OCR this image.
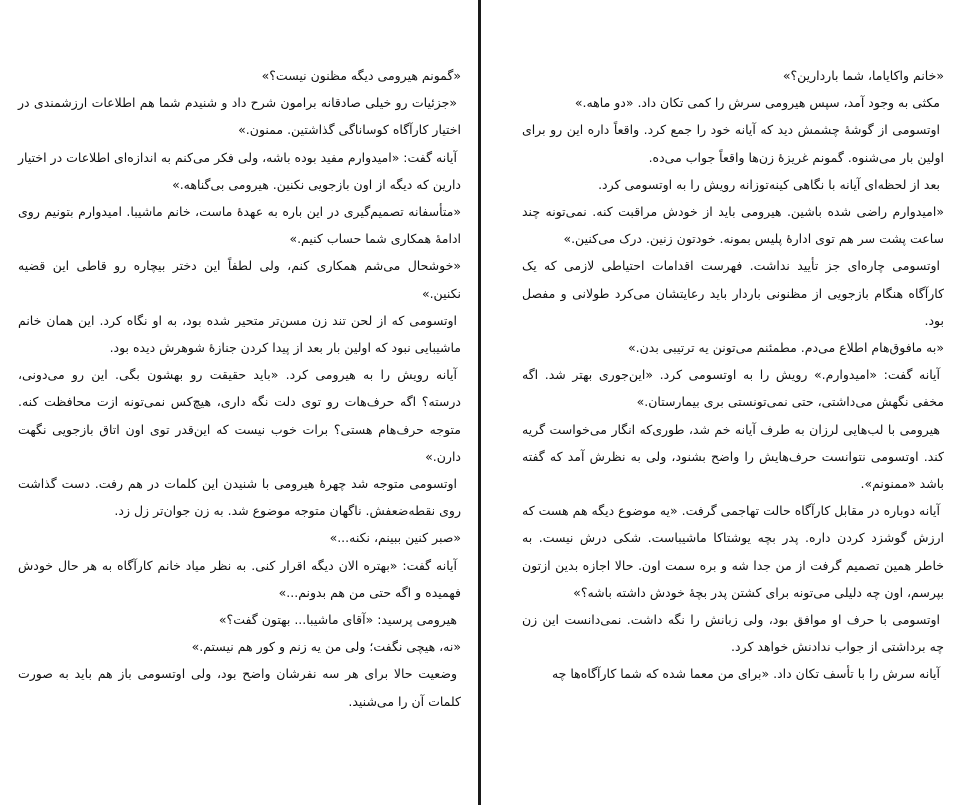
«گمونم هیرومی دیگه مظنون نیست؟»

«جزئیات رو خیلی صادقانه برامون شرح داد و شنیدم شما هم اطلاعات ارزشمندی در اختیار کارآگاه کوساناگی گذاشتین. ممنون.»

آیانه گفت: «امیدوارم مفید بوده باشه، ولی فکر می‌کنم به اندازه‌ای اطلاعات در اختیار دارین که دیگه از اون بازجویی نکنین. هیرومی بی‌گناهه.»

«متأسفانه تصمیم‌گیری در این باره به عهدهٔ ماست، خانم ماشیبا. امیدوارم بتونیم روی ادامهٔ همکاری شما حساب کنیم.»

«خوشحال می‌شم همکاری کنم، ولی لطفاً این دختر بیچاره رو قاطی این قضیه نکنین.»

اوتسومی که از لحن تند زن مسن‌تر متحیر شده بود، به او نگاه کرد. این همان خانم ماشیبایی نبود که اولین بار بعد از پیدا کردن جنازهٔ شوهرش دیده بود.

آیانه رویش را به هیرومی کرد. «باید حقیقت رو بهشون بگی. این رو می‌دونی، درسته؟ اگه حرف‌هات رو توی دلت نگه داری، هیچ‌کس نمی‌تونه ازت محافظت کنه. متوجه حرف‌هام هستی؟ برات خوب نیست که این‌قدر توی اون اتاق بازجویی نگهت دارن.»

اوتسومی متوجه شد چهرهٔ هیرومی با شنیدن این کلمات در هم رفت. دست گذاشت روی نقطه‌ضعفش. ناگهان متوجه موضوع شد. به زن جوان‌تر زل زد.

«صبر کنین ببینم، نکنه...»

آیانه گفت: «بهتره الان دیگه اقرار کنی. به نظر میاد خانم کارآگاه به هر حال خودش فهمیده و اگه حتی من هم بدونم...»

هیرومی پرسید: «آقای ماشیبا... بهتون گفت؟»

«نه، هیچی نگفت؛ ولی من یه زنم و کور هم نیستم.»

وضعیت حالا برای هر سه نفرشان واضح بود، ولی اوتسومی باز هم باید به صورت کلمات آن را می‌شنید.

«خانم واکایاما، شما باردارین؟»

مکثی به وجود آمد، سپس هیرومی سرش را کمی تکان داد. «دو ماهه.»

اوتسومی از گوشهٔ چشمش دید که آیانه خود را جمع کرد. واقعاً داره این رو برای اولین بار می‌شنوه. گمونم غریزهٔ زن‌ها واقعاً جواب می‌ده.

بعد از لحظه‌ای آیانه با نگاهی کینه‌توزانه رویش را به اوتسومی کرد.

«امیدوارم راضی شده باشین. هیرومی باید از خودش مراقبت کنه. نمی‌تونه چند ساعت پشت سر هم توی ادارهٔ پلیس بمونه. خودتون زنین. درک می‌کنین.»

اوتسومی چاره‌ای جز تأیید نداشت. فهرست اقدامات احتیاطی لازمی که یک کارآگاه هنگام بازجویی از مظنونی باردار باید رعایتشان می‌کرد طولانی و مفصل بود.

«به مافوق‌هام اطلاع می‌دم. مطمئنم می‌تونن یه ترتیبی بدن.»

آیانه گفت: «امیدوارم.» رویش را به اوتسومی کرد. «این‌جوری بهتر شد. اگه مخفی نگهش می‌داشتی، حتی نمی‌تونستی بری بیمارستان.»

هیرومی با لب‌هایی لرزان به طرف آیانه خم شد، طوری‌که انگار می‌خواست گریه کند. اوتسومی نتوانست حرف‌هایش را واضح بشنود، ولی به نظرش آمد که گفته باشد «ممنونم».

آیانه دوباره در مقابل کارآگاه حالت تهاجمی گرفت. «یه موضوع دیگه هم هست که ارزش گوشزد کردن داره. پدر بچه یوشتاکا ماشیباست. شکی درش نیست. به خاطر همین تصمیم گرفت از من جدا شه و بره سمت اون. حالا اجازه بدین ازتون بپرسم، اون چه دلیلی می‌تونه برای کشتن پدر بچهٔ خودش داشته باشه؟»

اوتسومی با حرف او موافق بود، ولی زبانش را نگه داشت. نمی‌دانست این زن چه برداشتی از جواب ندادنش خواهد کرد.

آیانه سرش را با تأسف تکان داد. «برای من معما شده که شما کارآگاه‌ها چه
